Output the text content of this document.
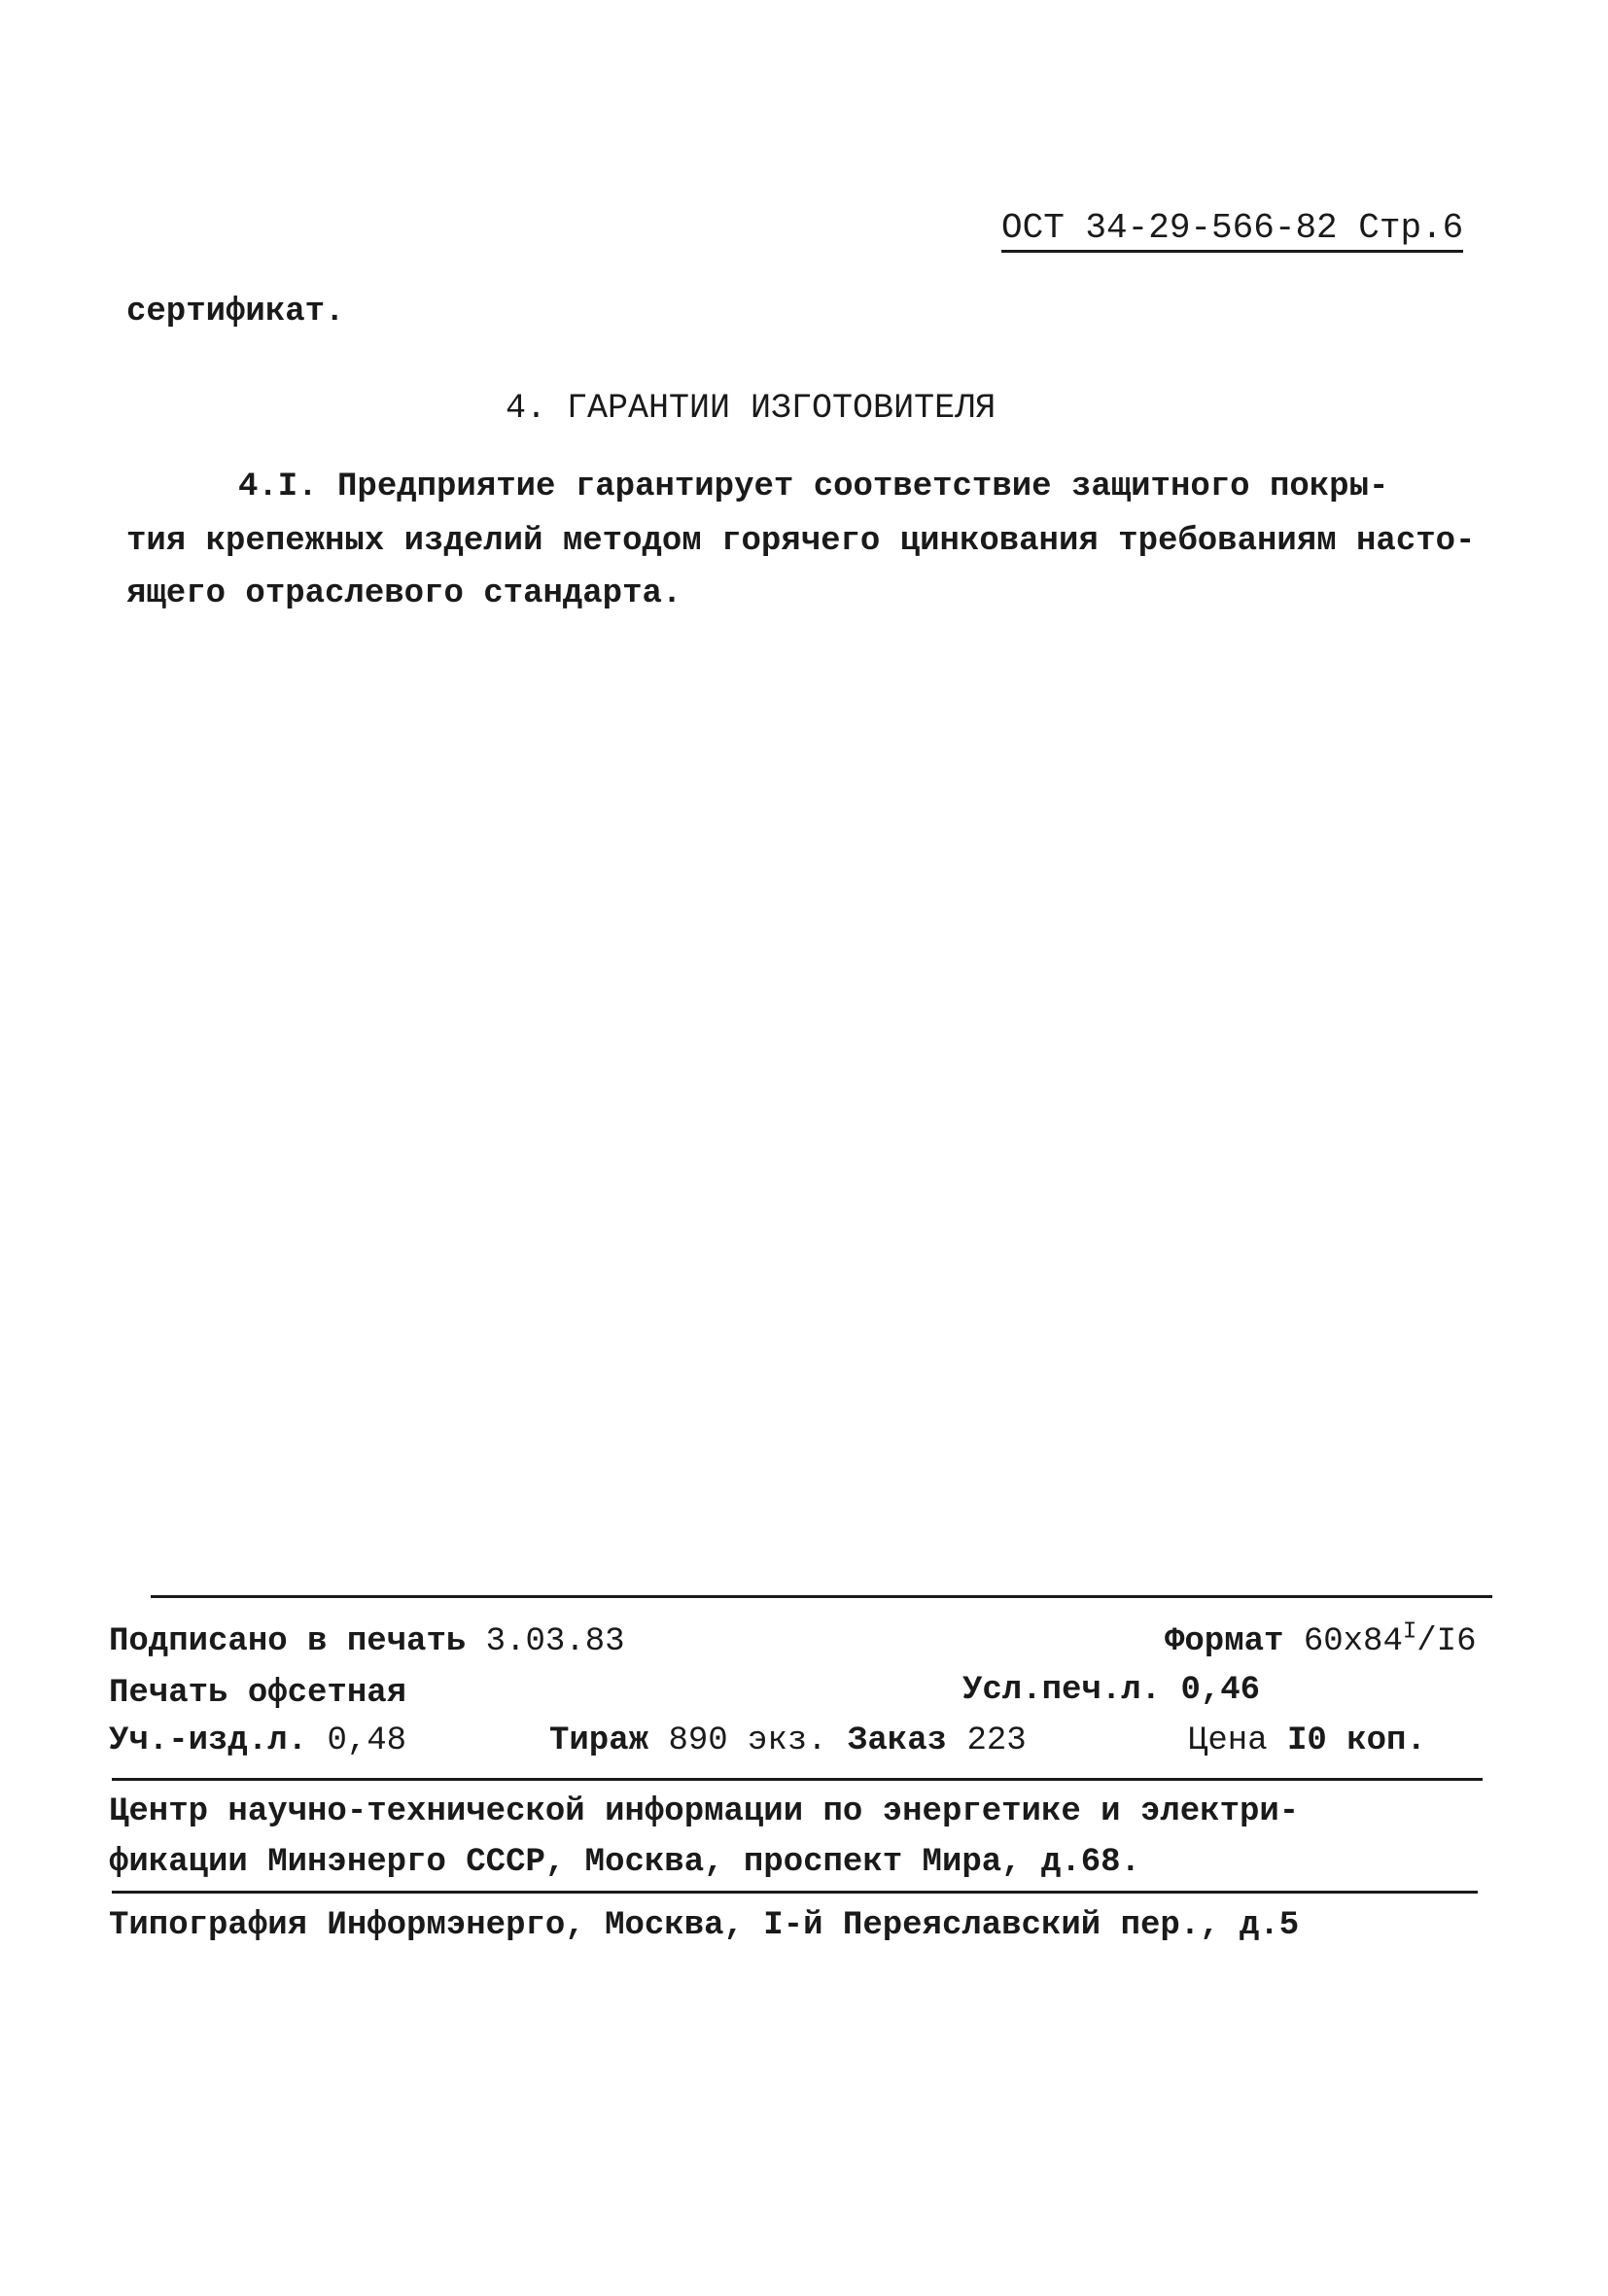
ОСТ 34-29-566-82 Стр.6
сертификат.
4. ГАРАНТИИ ИЗГОТОВИТЕЛЯ
4.I. Предприятие гарантирует соответствие защитного покры-
тия крепежных изделий методом горячего цинкования требованиям насто-
ящего отраслевого стандарта.
Подписано в печать 3.03.83	Формат $60х84^I/I6$
Печать офсетная	Усл.печ.л. 0,46
Уч.-изд.л. 0,48	Тираж 890 экз. Заказ 223	Цена I0 коп.
Центр научно-технической информации по энергетике и электри-
фикации Минэнерго СССР, Москва, проспект Мира, д.68.
Типография Информэнерго, Москва, I-й Переяславский пер., д.5
